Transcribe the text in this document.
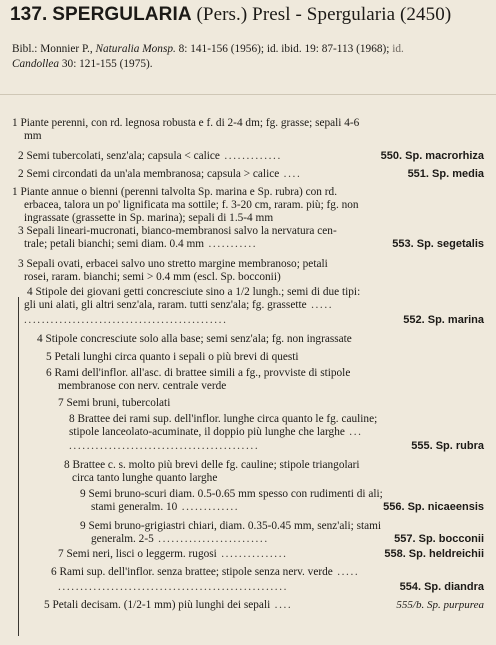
137. SPERGULARIA (Pers.) Presl - Spergularia (2450)
Bibl.: Monnier P., Naturalia Monsp. 8: 141-156 (1956); id. ibid. 19: 87-113 (1968); id.
Candollea 30: 121-155 (1975).
1 Piante perenni, con rd. legnosa robusta e f. di 2-4 dm; fg. grasse; sepali 4-6
mm
2 Semi tubercolati, senz'ala; capsula < calice .............	550. Sp. macrorhiza
2 Semi circondati da un'ala membranosa; capsula > calice ....	551. Sp. media
1 Piante annue o bienni (perenni talvolta Sp. marina e Sp. rubra) con rd.
erbacea, talora un po' lignificata ma sottile; f. 3-20 cm, raram. più; fg. non
ingrassate (grassette in Sp. marina); sepali di 1.5-4 mm
3 Sepali lineari-mucronati, bianco-membranosi salvo la nervatura cen-
trale; petali bianchi; semi diam. 0.4 mm ...........	553. Sp. segetalis
3 Sepali ovati, erbacei salvo uno stretto margine membranoso; petali
rosei, raram. bianchi; semi > 0.4 mm (escl. Sp. bocconii)
4 Stipole dei giovani getti concresciute sino a 1/2 lungh.; semi di due tipi:
gli uni alati, gli altri senz'ala, raram. tutti senz'ala; fg. grassette .....
..............................................	552. Sp. marina
4 Stipole concresciute solo alla base; semi senz'ala; fg. non ingrassate
5 Petali lunghi circa quanto i sepali o più brevi di questi
6 Rami dell'inflor. all'asc. di brattee simili a fg., provviste di stipole
membranose con nerv. centrale verde
7 Semi bruni, tubercolati
8 Brattee dei rami sup. dell'inflor. lunghe circa quanto le fg. cauline;
stipole lanceolato-acuminate, il doppio più lunghe che larghe ...
...........................................	555. Sp. rubra
8 Brattee c. s. molto più brevi delle fg. cauline; stipole triangolari
circa tanto lunghe quanto larghe
9 Semi bruno-scuri diam. 0.5-0.65 mm spesso con rudimenti di ali;
stami generalm. 10 .............	556. Sp. nicaeensis
9 Semi bruno-grigiastri chiari, diam. 0.35-0.45 mm, senz'ali; stami
generalm. 2-5 .........................	557. Sp. bocconii
7 Semi neri, lisci o leggerm. rugosi ...............	558. Sp. heldreichii
6 Rami sup. dell'inflor. senza brattee; stipole senza nerv. verde .....
....................................................	554. Sp. diandra
5 Petali decisam. (1/2-1 mm) più lunghi dei sepali ....	555/b. Sp. purpurea
